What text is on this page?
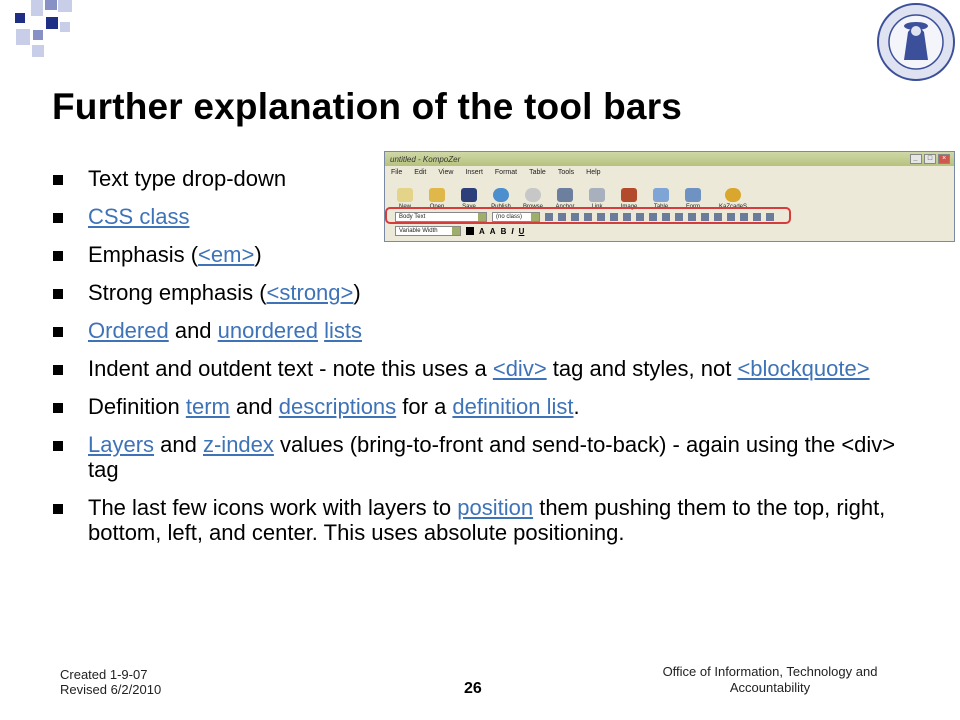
Further explanation of the tool bars
untitled - KompoZer	_	□	×
File Edit View Insert Format Table Tools Help
New	Open	Save	Publish Browse Anchor	Link	Image	Table	Form	KaZcadeS
Body Text	(no class)
Variable Width	A A B I U
Text type drop-down
CSS class
Emphasis (<em>)
Strong emphasis (<strong>)
Ordered and unordered lists
Indent and outdent text - note this uses a <div> tag and styles, not <blockquote>
Definition term and descriptions for a definition list.
Layers and z-index values (bring-to-front and send-to-back) - again using the <div> tag
The last few icons work with layers to position them pushing them to the top, right, bottom, left, and center. This uses absolute positioning.
Created 1-9-07
Revised 6/2/2010	26
Office of Information, Technology and
Accountability
